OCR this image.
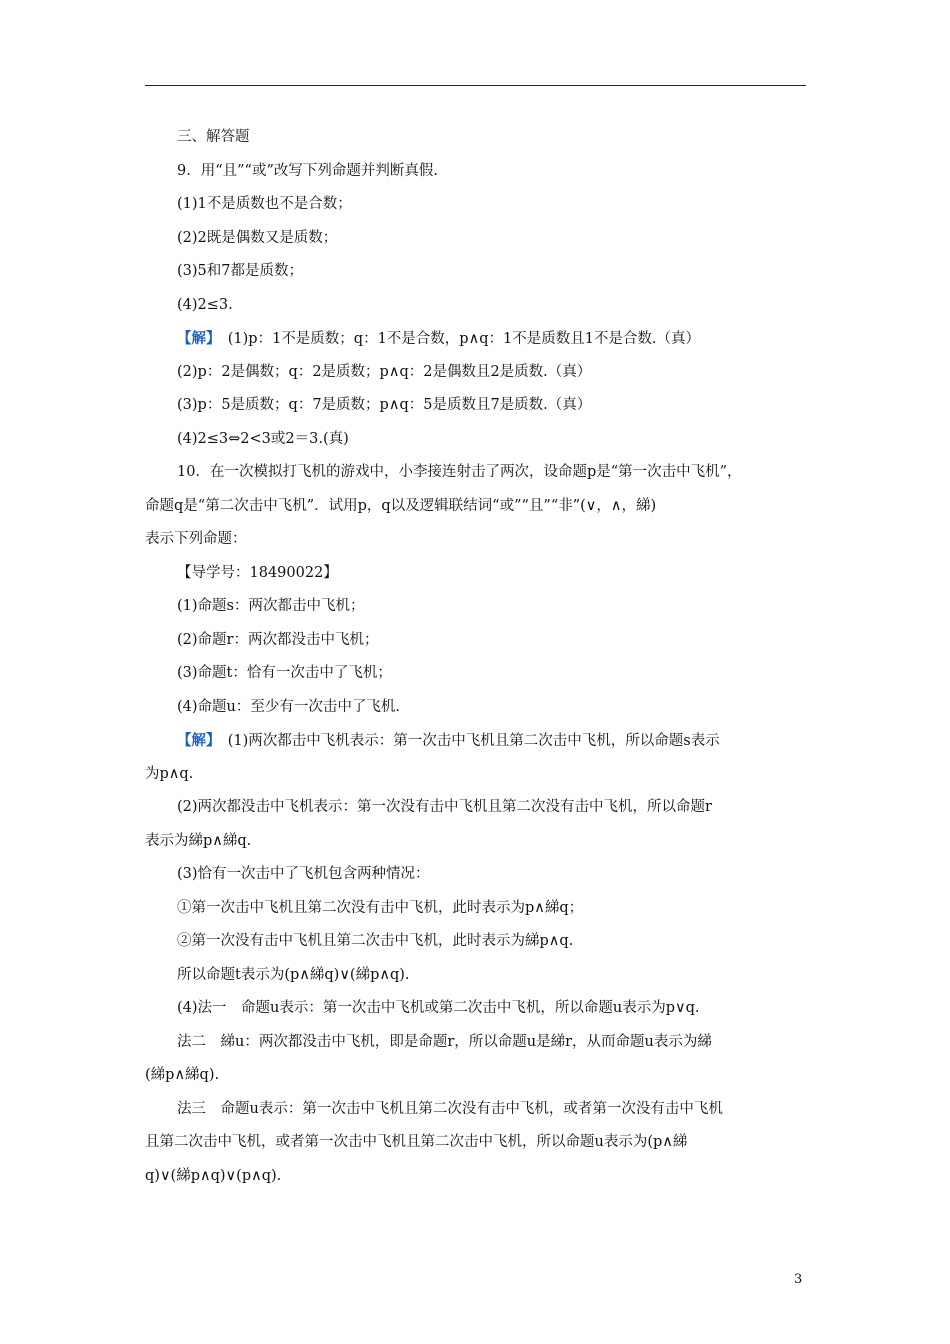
三、解答题
9．用“且”“或”改写下列命题并判断真假.
(1)1不是质数也不是合数；
(2)2既是偶数又是质数；
(3)5和7都是质数；
(4)2≤3.
【解】　(1)p：1不是质数；q：1不是合数，p∧q：1不是质数且1不是合数.（真）
(2)p：2是偶数；q：2是质数；p∧q：2是偶数且2是质数.（真）
(3)p：5是质数；q：7是质数；p∧q：5是质数且7是质数.（真）
(4)2≤3⇔2<3或2＝3.(真)
10．在一次模拟打飞机的游戏中，小李接连射击了两次，设命题p是“第一次击中飞机”，
命题q是“第二次击中飞机”．试用p，q以及逻辑联结词“或”“且”“非”(∨，∧，綈)
表示下列命题：
【导学号：18490022】
(1)命题s：两次都击中飞机；
(2)命题r：两次都没击中飞机；
(3)命题t：恰有一次击中了飞机；
(4)命题u：至少有一次击中了飞机.
【解】　(1)两次都击中飞机表示：第一次击中飞机且第二次击中飞机，所以命题s表示
为p∧q.
(2)两次都没击中飞机表示：第一次没有击中飞机且第二次没有击中飞机，所以命题r
表示为綈p∧綈q.
(3)恰有一次击中了飞机包含两种情况：
①第一次击中飞机且第二次没有击中飞机，此时表示为p∧綈q；
②第一次没有击中飞机且第二次击中飞机，此时表示为綈p∧q.
所以命题t表示为(p∧綈q)∨(綈p∧q).
(4)法一　命题u表示：第一次击中飞机或第二次击中飞机，所以命题u表示为p∨q.
法二　綈u：两次都没击中飞机，即是命题r，所以命题u是綈r，从而命题u表示为綈
(綈p∧綈q).
法三　命题u表示：第一次击中飞机且第二次没有击中飞机，或者第一次没有击中飞机
且第二次击中飞机，或者第一次击中飞机且第二次击中飞机，所以命题u表示为(p∧綈
q)∨(綈p∧q)∨(p∧q).
3
